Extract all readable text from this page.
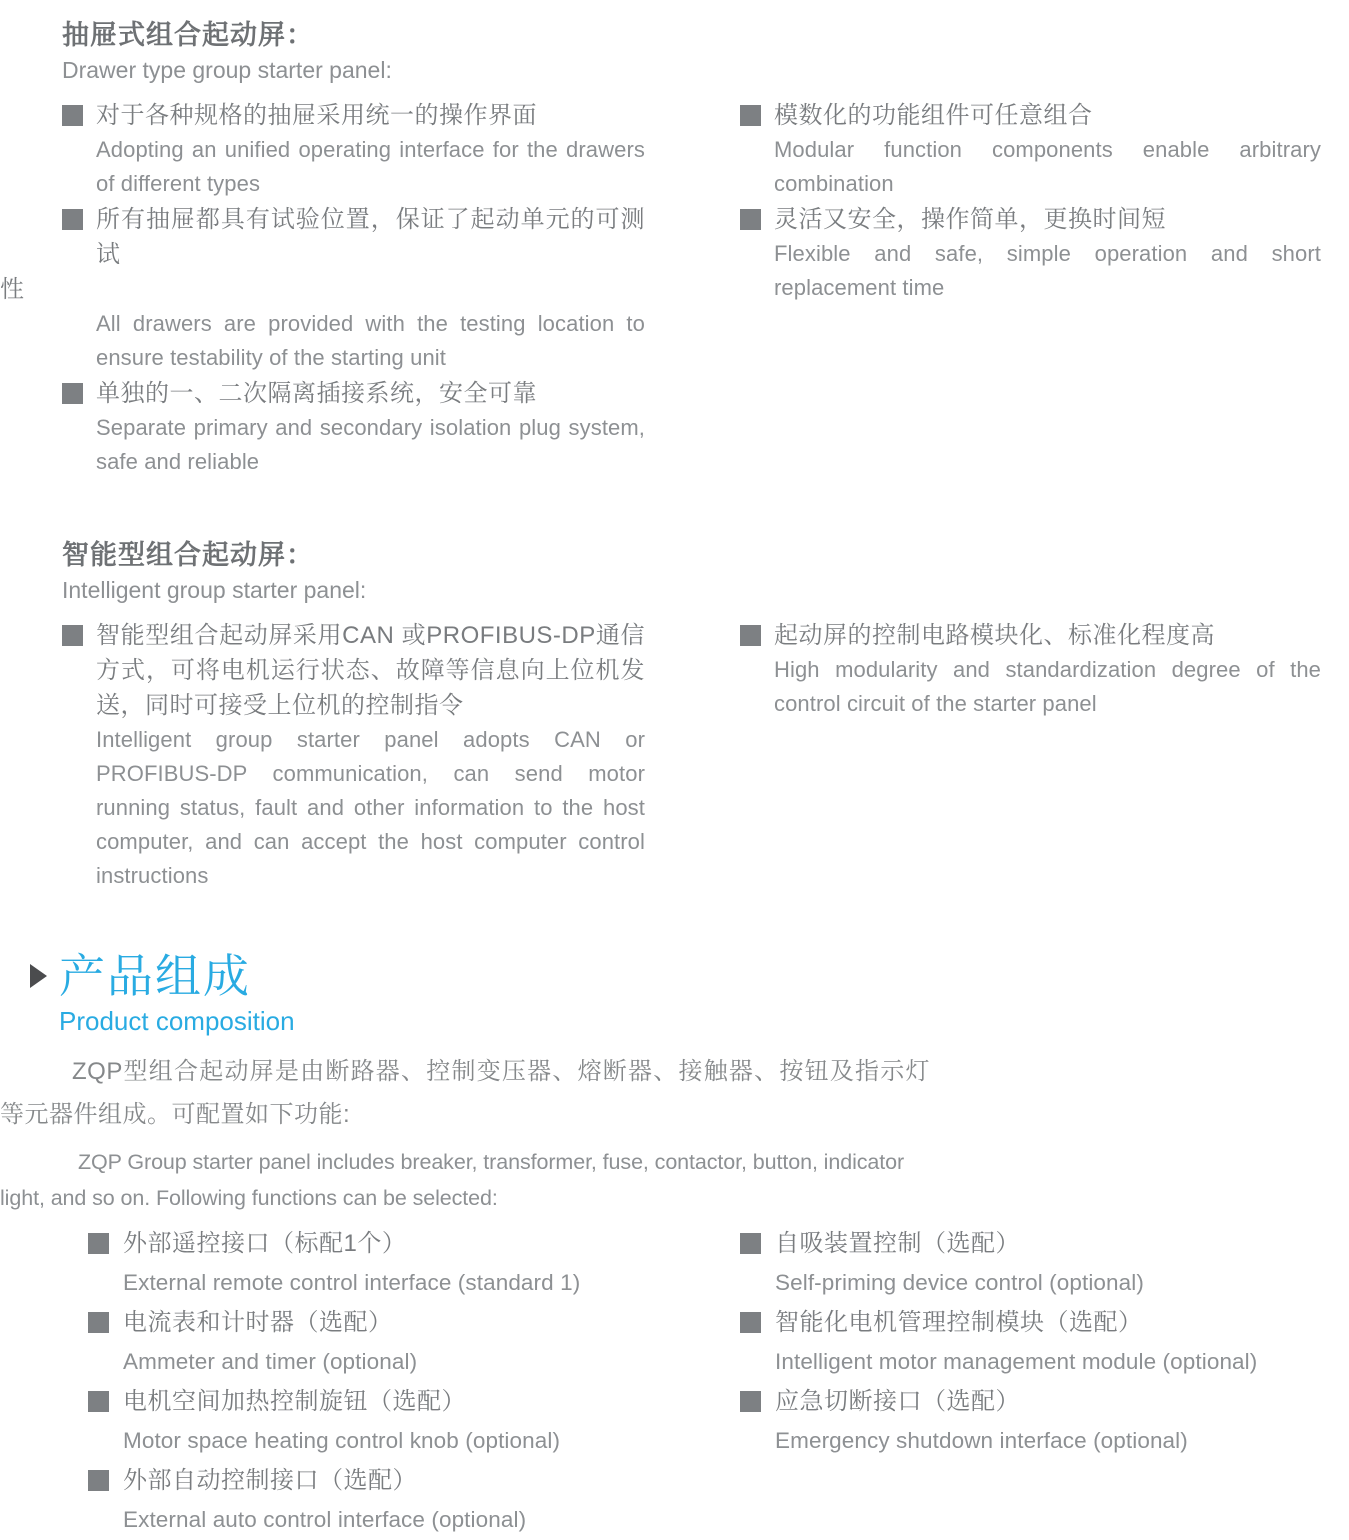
抽屉式组合起动屏：
Drawer type group starter panel:
对于各种规格的抽屉采用统一的操作界面
Adopting an unified operating interface for the drawers of different types
所有抽屉都具有试验位置，保证了起动单元的可测试
性
All drawers are provided with the testing location to ensure testability of the starting unit
单独的一、二次隔离插接系统，安全可靠
Separate primary and secondary isolation plug system, safe and reliable
模数化的功能组件可任意组合
Modular function components enable arbitrary combination
灵活又安全，操作简单，更换时间短
Flexible and safe, simple operation and short replacement time
智能型组合起动屏：
Intelligent group starter panel:
智能型组合起动屏采用CAN 或PROFIBUS-DP通信方式，可将电机运行状态、故障等信息向上位机发送，同时可接受上位机的控制指令
Intelligent group starter panel adopts CAN or PROFIBUS-DP communication, can send motor running status, fault and other information to the host computer, and can accept the host computer control instructions
起动屏的控制电路模块化、标准化程度高
High modularity and standardization degree of the control circuit of the starter panel
产品组成
Product composition
ZQP型组合起动屏是由断路器、控制变压器、熔断器、接触器、按钮及指示灯等元器件组成。可配置如下功能:
ZQP Group starter panel includes breaker, transformer, fuse, contactor, button, indicator light, and so on. Following functions can be selected:
外部遥控接口（标配1个）
External remote control interface (standard 1)
电流表和计时器（选配）
Ammeter and timer (optional)
电机空间加热控制旋钮（选配）
Motor space heating control knob (optional)
外部自动控制接口（选配）
External auto control interface (optional)
自吸装置控制（选配）
Self-priming device control (optional)
智能化电机管理控制模块（选配）
Intelligent motor management module (optional)
应急切断接口（选配）
Emergency shutdown interface (optional)
